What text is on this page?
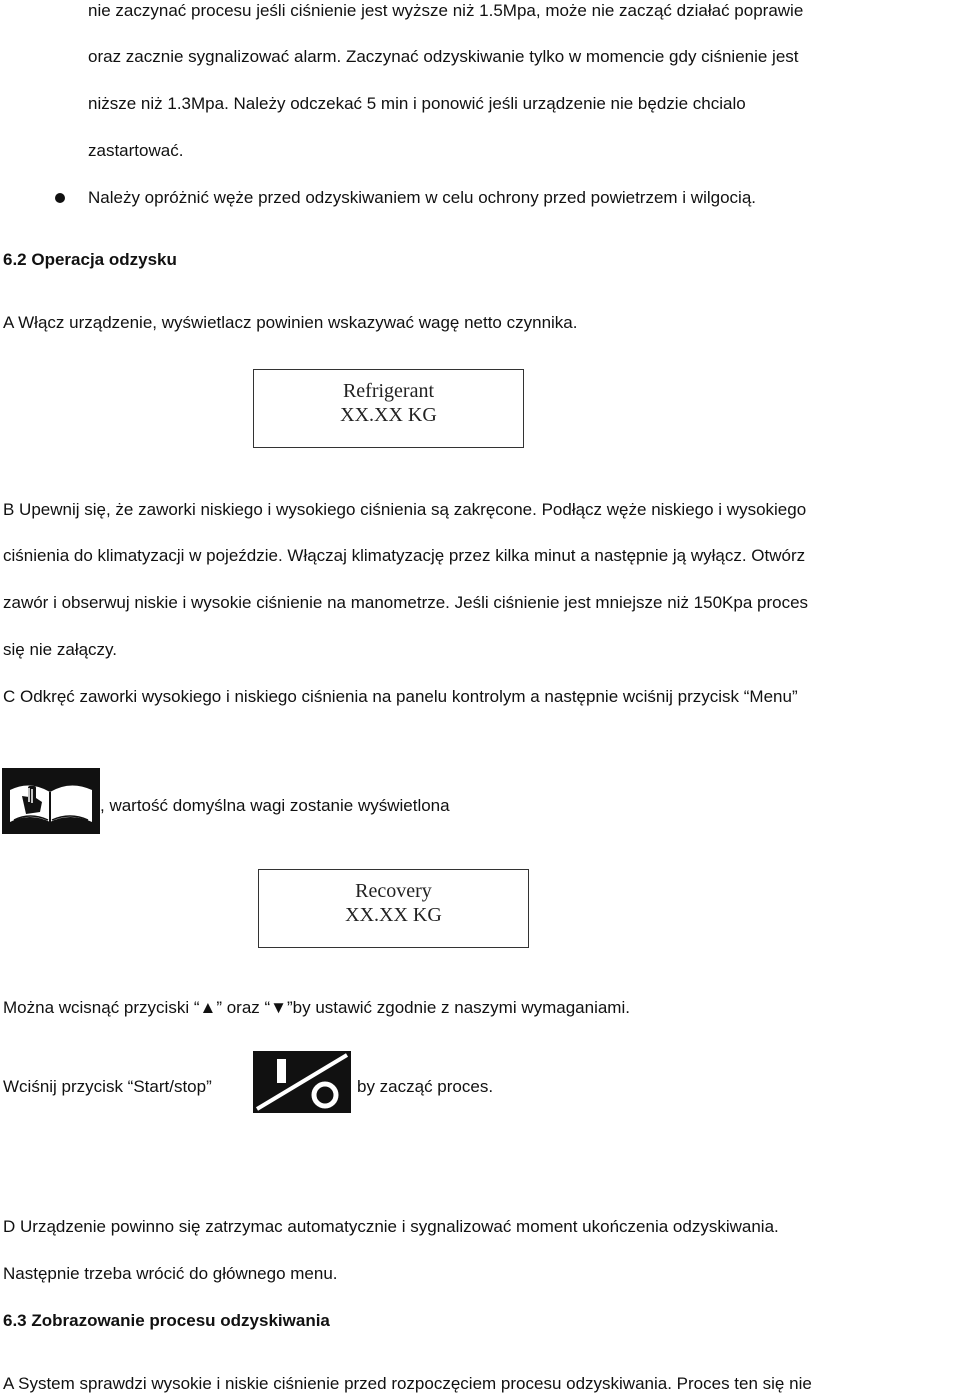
nie zaczynać procesu jeśli ciśnienie jest wyższe niż 1.5Mpa, może nie zacząć działać poprawie
oraz zacznie sygnalizować alarm. Zaczynać odzyskiwanie tylko w momencie gdy ciśnienie jest
niższe niż 1.3Mpa. Należy odczekać 5 min i ponowić jeśli urządzenie nie będzie chcialo
zastartować.
Należy opróżnić węże przed odzyskiwaniem w celu ochrony przed powietrzem i wilgocią.
6.2 Operacja odzysku
A Włącz urządzenie, wyświetlacz powinien wskazywać wagę netto czynnika.
Refrigerant
XX.XX KG
B Upewnij się, że zaworki niskiego i wysokiego ciśnienia są zakręcone. Podłącz węże niskiego i wysokiego
ciśnienia do klimatyzacji w pojeździe. Włączaj klimatyzację przez kilka minut a następnie ją wyłącz. Otwórz
zawór i obserwuj niskie i wysokie ciśnienie na manometrze. Jeśli ciśnienie jest mniejsze niż 150Kpa proces
się nie załączy.
C Odkręć zaworki wysokiego i niskiego ciśnienia na panelu kontrolym a następnie wciśnij przycisk “Menu”
, wartość domyślna wagi zostanie wyświetlona
Recovery
XX.XX KG
Można wcisnąć przyciski “▲” oraz “▼”by ustawić zgodnie z naszymi wymaganiami.
Wciśnij przycisk “Start/stop”	by zacząć proces.
D Urządzenie powinno się zatrzymac automatycznie i sygnalizować moment ukończenia odzyskiwania.
Następnie trzeba wrócić do głównego menu.
6.3 Zobrazowanie procesu odzyskiwania
A System sprawdzi wysokie i niskie ciśnienie przed rozpoczęciem procesu odzyskiwania. Proces ten się nie
